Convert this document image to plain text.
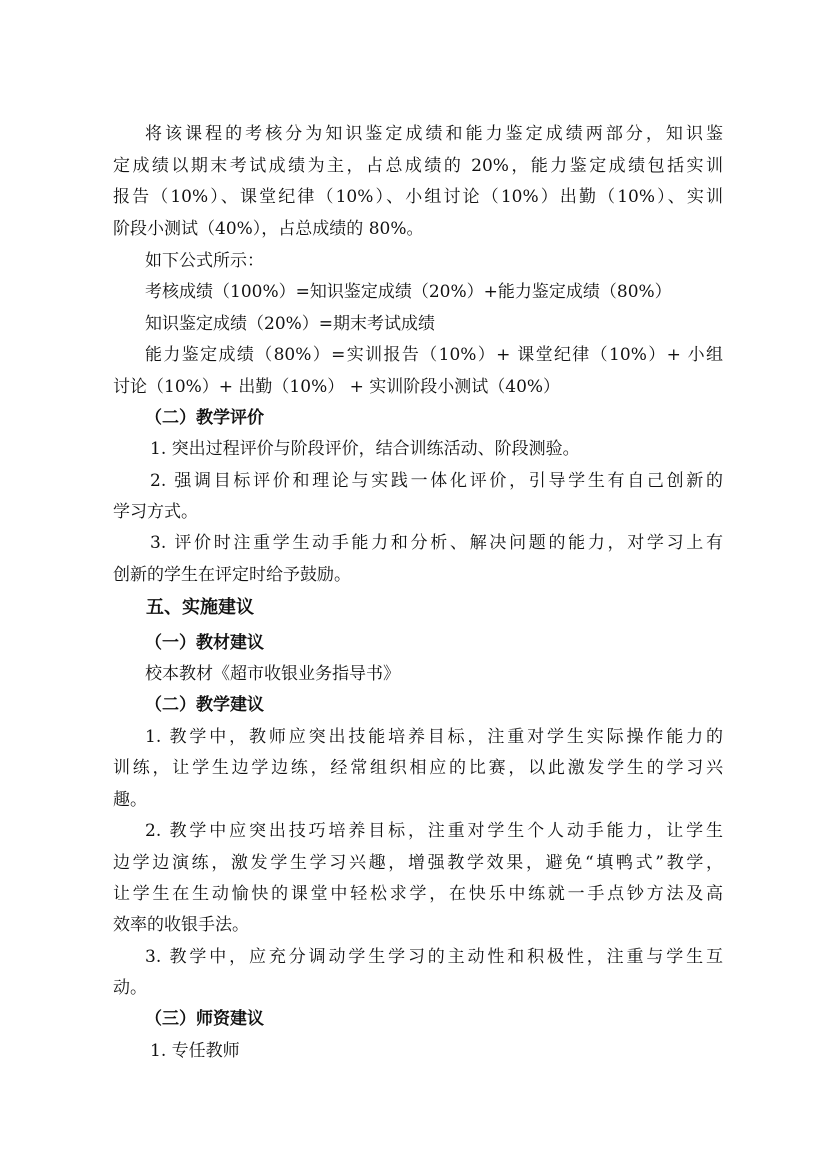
将该课程的考核分为知识鉴定成绩和能力鉴定成绩两部分，知识鉴
定成绩以期末考试成绩为主，占总成绩的 20%，能力鉴定成绩包括实训
报告（10%）、课堂纪律（10%）、小组讨论（10%）出勤（10%）、实训
阶段小测试（40%），占总成绩的 80%。
如下公式所示：
考核成绩（100%）=知识鉴定成绩（20%）+能力鉴定成绩（80%）
知识鉴定成绩（20%）=期末考试成绩
能力鉴定成绩（80%）=实训报告（10%）+ 课堂纪律（10%）+ 小组
讨论（10%）+ 出勤（10%） + 实训阶段小测试（40%）
（二）教学评价
1. 突出过程评价与阶段评价，结合训练活动、阶段测验。
2. 强调目标评价和理论与实践一体化评价，引导学生有自己创新的
学习方式。
3. 评价时注重学生动手能力和分析、解决问题的能力，对学习上有
创新的学生在评定时给予鼓励。
五、实施建议
（一）教材建议
校本教材《超市收银业务指导书》
（二）教学建议
1. 教学中，教师应突出技能培养目标，注重对学生实际操作能力的
训练，让学生边学边练，经常组织相应的比赛，以此激发学生的学习兴
趣。
2. 教学中应突出技巧培养目标，注重对学生个人动手能力，让学生
边学边演练，激发学生学习兴趣，增强教学效果，避免“填鸭式”教学，
让学生在生动愉快的课堂中轻松求学，在快乐中练就一手点钞方法及高
效率的收银手法。
3. 教学中，应充分调动学生学习的主动性和积极性，注重与学生互
动。
（三）师资建议
1. 专任教师
